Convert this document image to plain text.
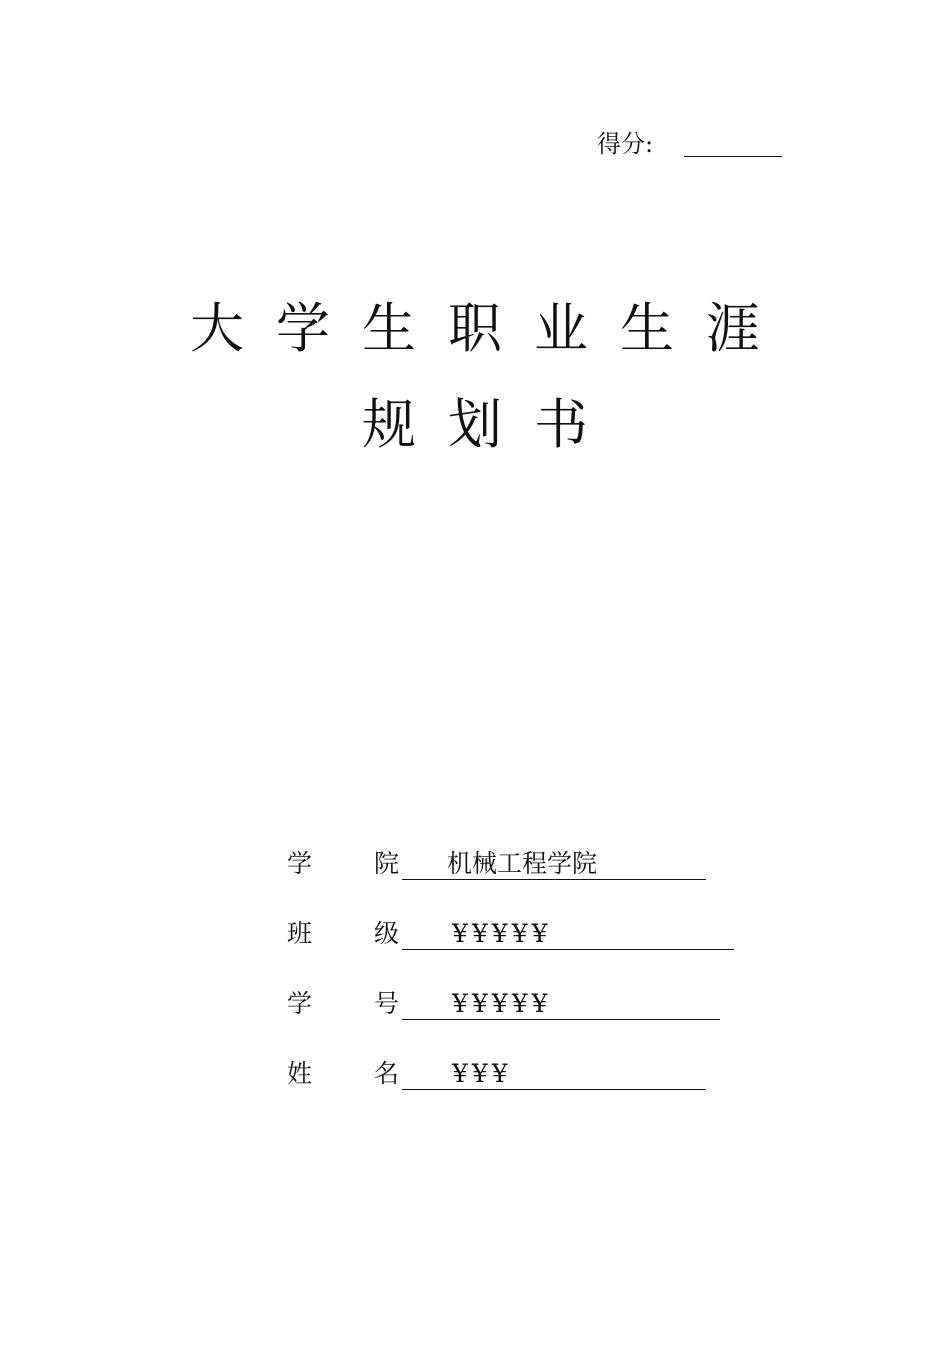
得分:
大学生职业生涯
规划书
学 院 机械工程学院
班 级 ¥¥¥¥¥
学 号 ¥¥¥¥¥
姓 名 ¥¥¥
